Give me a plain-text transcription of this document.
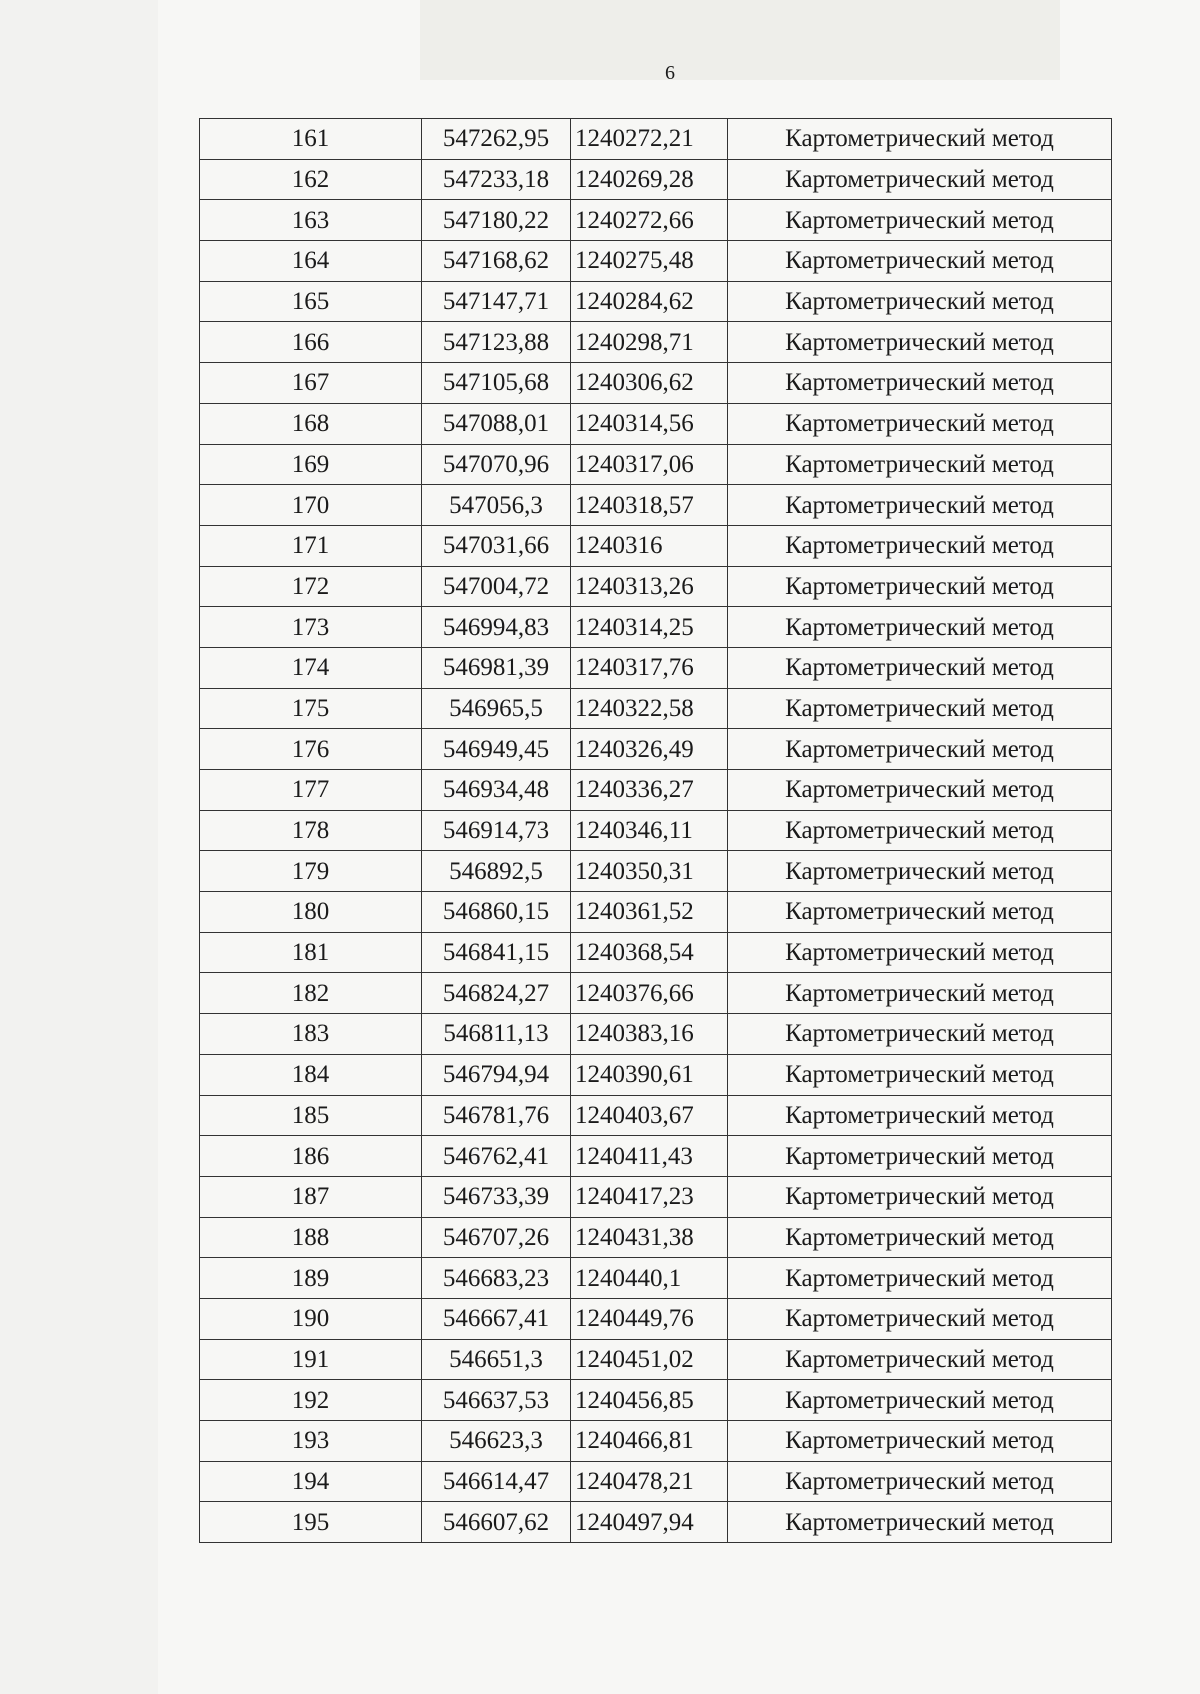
6
161	547262,95	1240272,21	Картометрический метод
162	547233,18	1240269,28	Картометрический метод
163	547180,22	1240272,66	Картометрический метод
164	547168,62	1240275,48	Картометрический метод
165	547147,71	1240284,62	Картометрический метод
166	547123,88	1240298,71	Картометрический метод
167	547105,68	1240306,62	Картометрический метод
168	547088,01	1240314,56	Картометрический метод
169	547070,96	1240317,06	Картометрический метод
170	547056,3	1240318,57	Картометрический метод
171	547031,66	1240316	Картометрический метод
172	547004,72	1240313,26	Картометрический метод
173	546994,83	1240314,25	Картометрический метод
174	546981,39	1240317,76	Картометрический метод
175	546965,5	1240322,58	Картометрический метод
176	546949,45	1240326,49	Картометрический метод
177	546934,48	1240336,27	Картометрический метод
178	546914,73	1240346,11	Картометрический метод
179	546892,5	1240350,31	Картометрический метод
180	546860,15	1240361,52	Картометрический метод
181	546841,15	1240368,54	Картометрический метод
182	546824,27	1240376,66	Картометрический метод
183	546811,13	1240383,16	Картометрический метод
184	546794,94	1240390,61	Картометрический метод
185	546781,76	1240403,67	Картометрический метод
186	546762,41	1240411,43	Картометрический метод
187	546733,39	1240417,23	Картометрический метод
188	546707,26	1240431,38	Картометрический метод
189	546683,23	1240440,1	Картометрический метод
190	546667,41	1240449,76	Картометрический метод
191	546651,3	1240451,02	Картометрический метод
192	546637,53	1240456,85	Картометрический метод
193	546623,3	1240466,81	Картометрический метод
194	546614,47	1240478,21	Картометрический метод
195	546607,62	1240497,94	Картометрический метод
